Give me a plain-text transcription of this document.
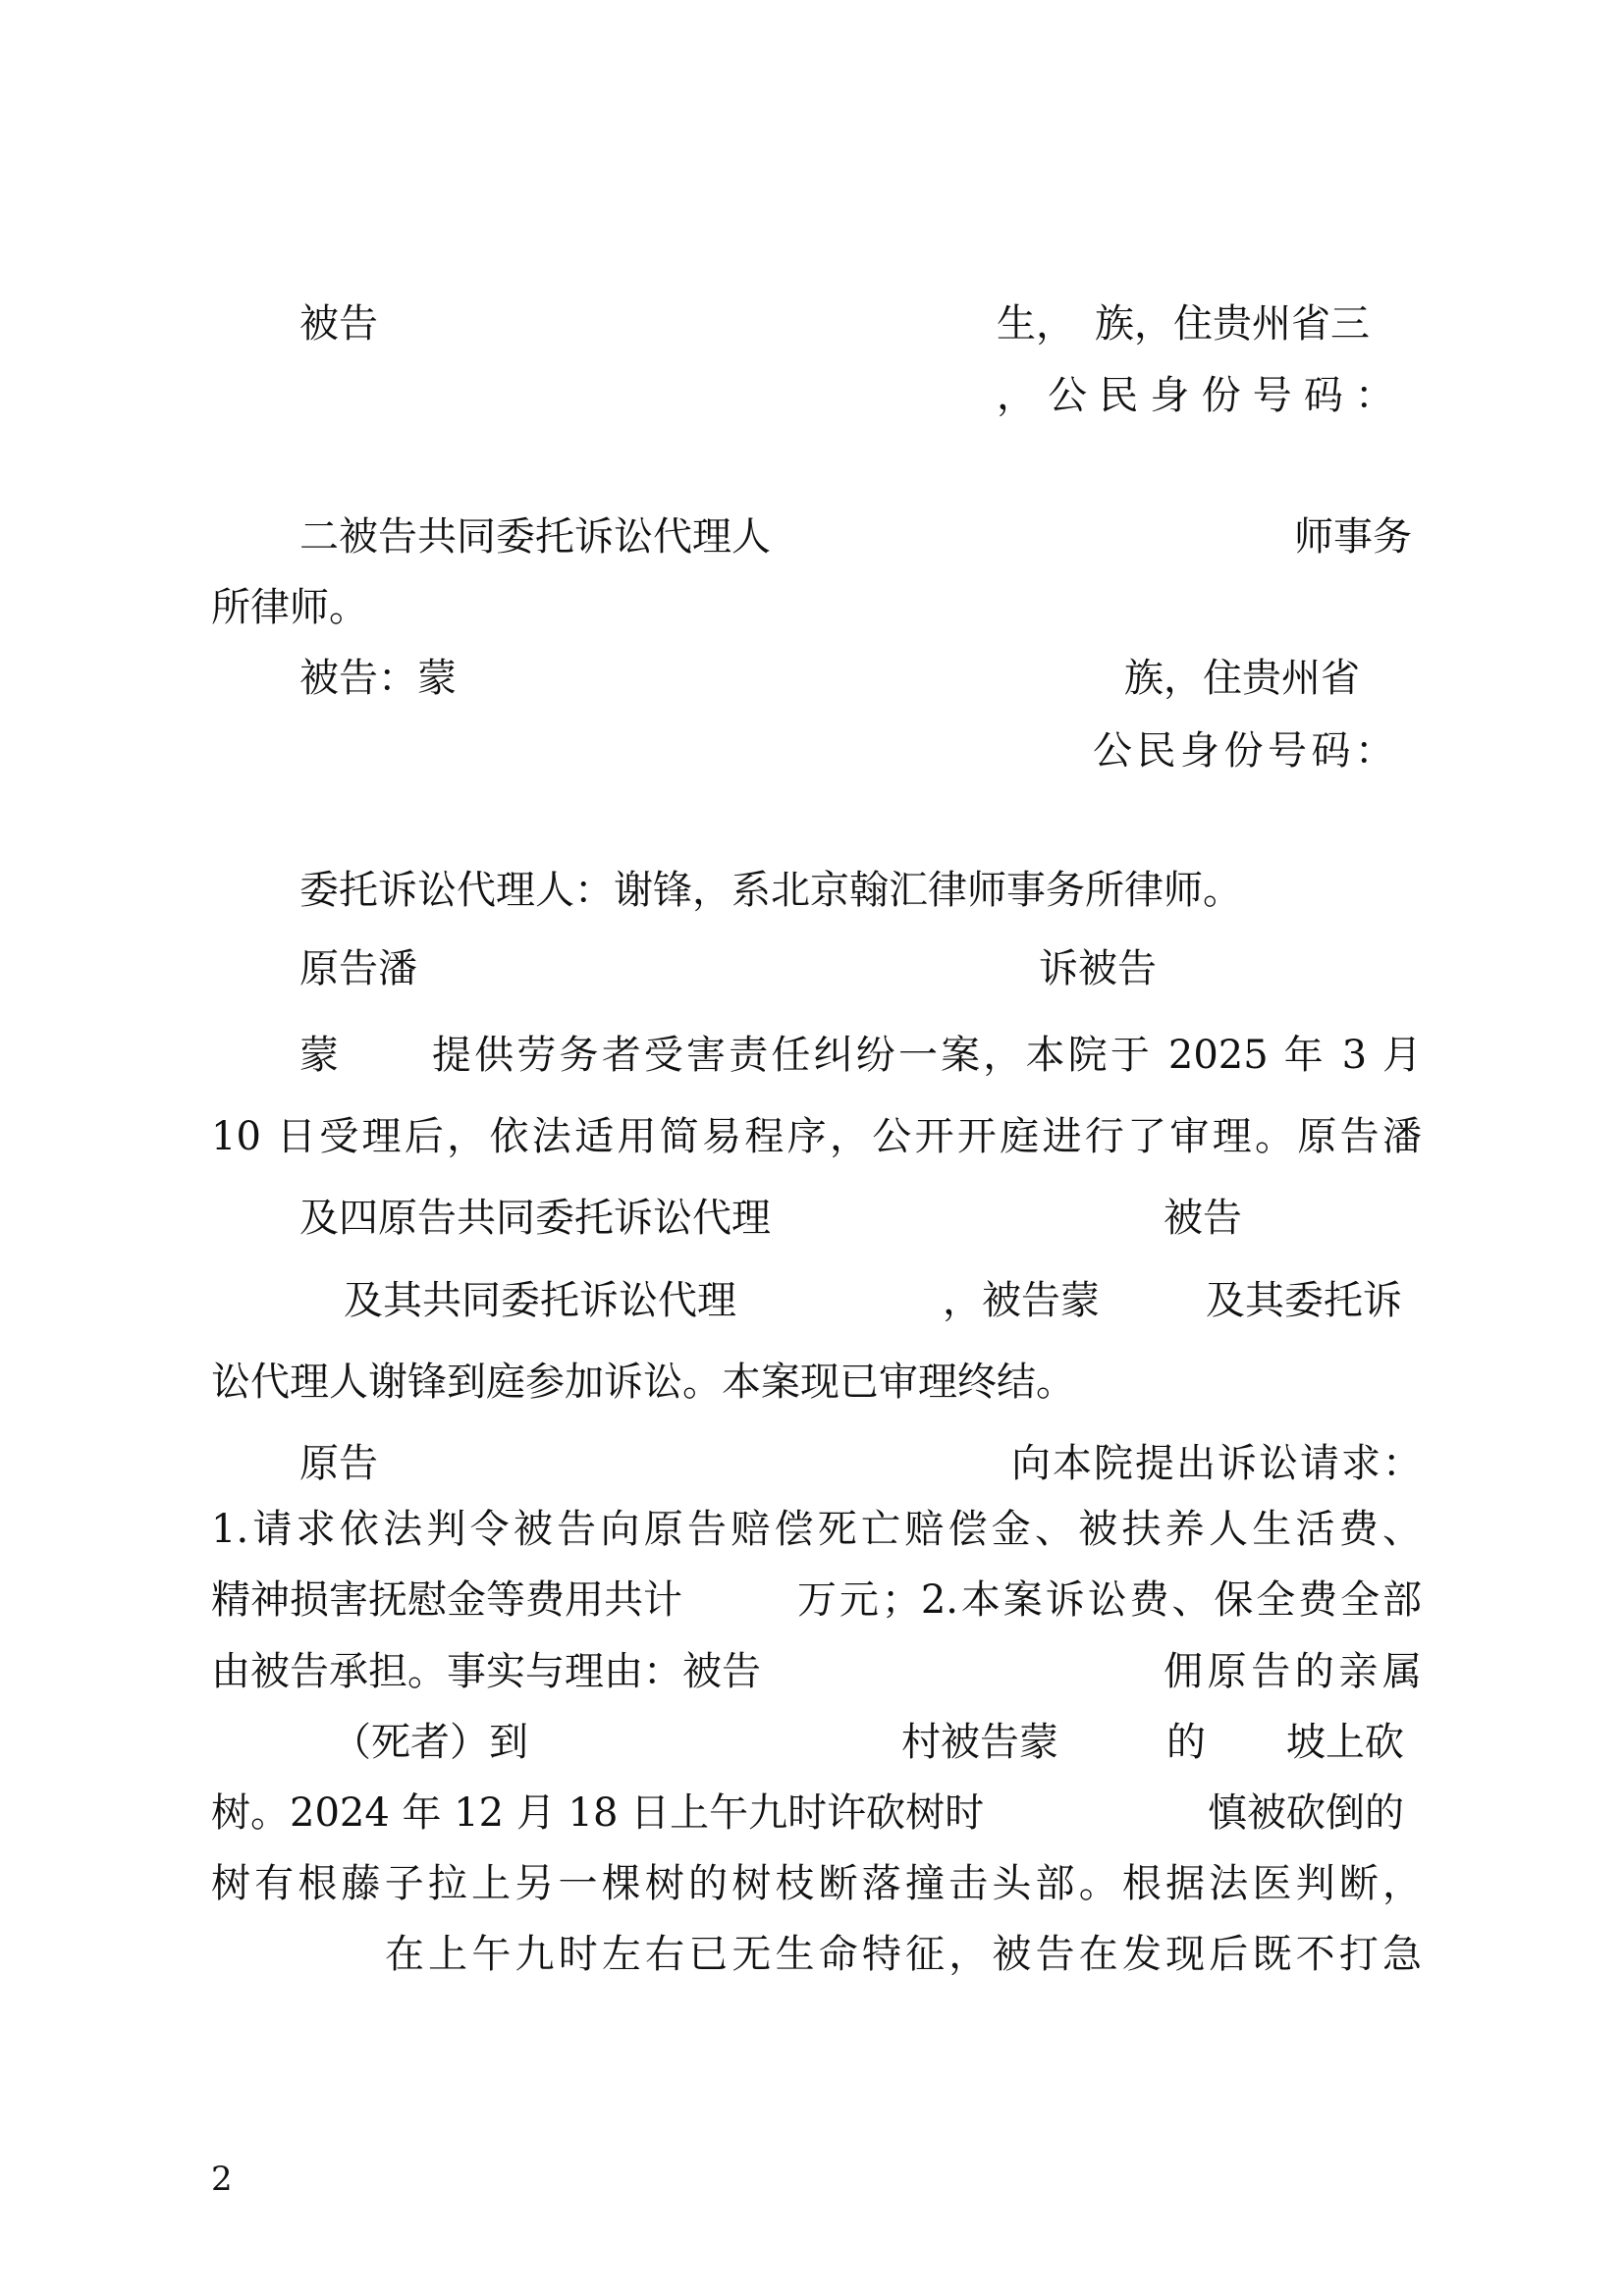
被告	生，　族，住贵州省三

，公民身份号码：

二被告共同委托诉讼代理人	师事务

所律师。

被告：蒙	族，住贵州省

公民身份号码：

委托诉讼代理人：谢锋，系北京翰汇律师事务所律师。

原告潘	诉被告

蒙 提供劳务者受害责任纠纷一案，本院于 2025 年 3 月

10 日受理后，依法适用简易程序，公开开庭进行了审理。原告潘

及四原告共同委托诉讼代理	被告

及其共同委托诉讼代理	，被告蒙	及其委托诉

讼代理人谢锋到庭参加诉讼。本案现已审理终结。

原告	向本院提出诉讼请求：

1.请求依法判令被告向原告赔偿死亡赔偿金、被扶养人生活费、

精神损害抚慰金等费用共计	万元；2.本案诉讼费、保全费全部

由被告承担。事实与理由：被告	佣原告的亲属

（死者）到	村被告蒙	的 坡上砍

树。2024 年 12 月 18 日上午九时许砍树时	慎被砍倒的

树有根藤子拉上另一棵树的树枝断落撞击头部。根据法医判断，

在上午九时左右已无生命特征，被告在发现后既不打急

2
